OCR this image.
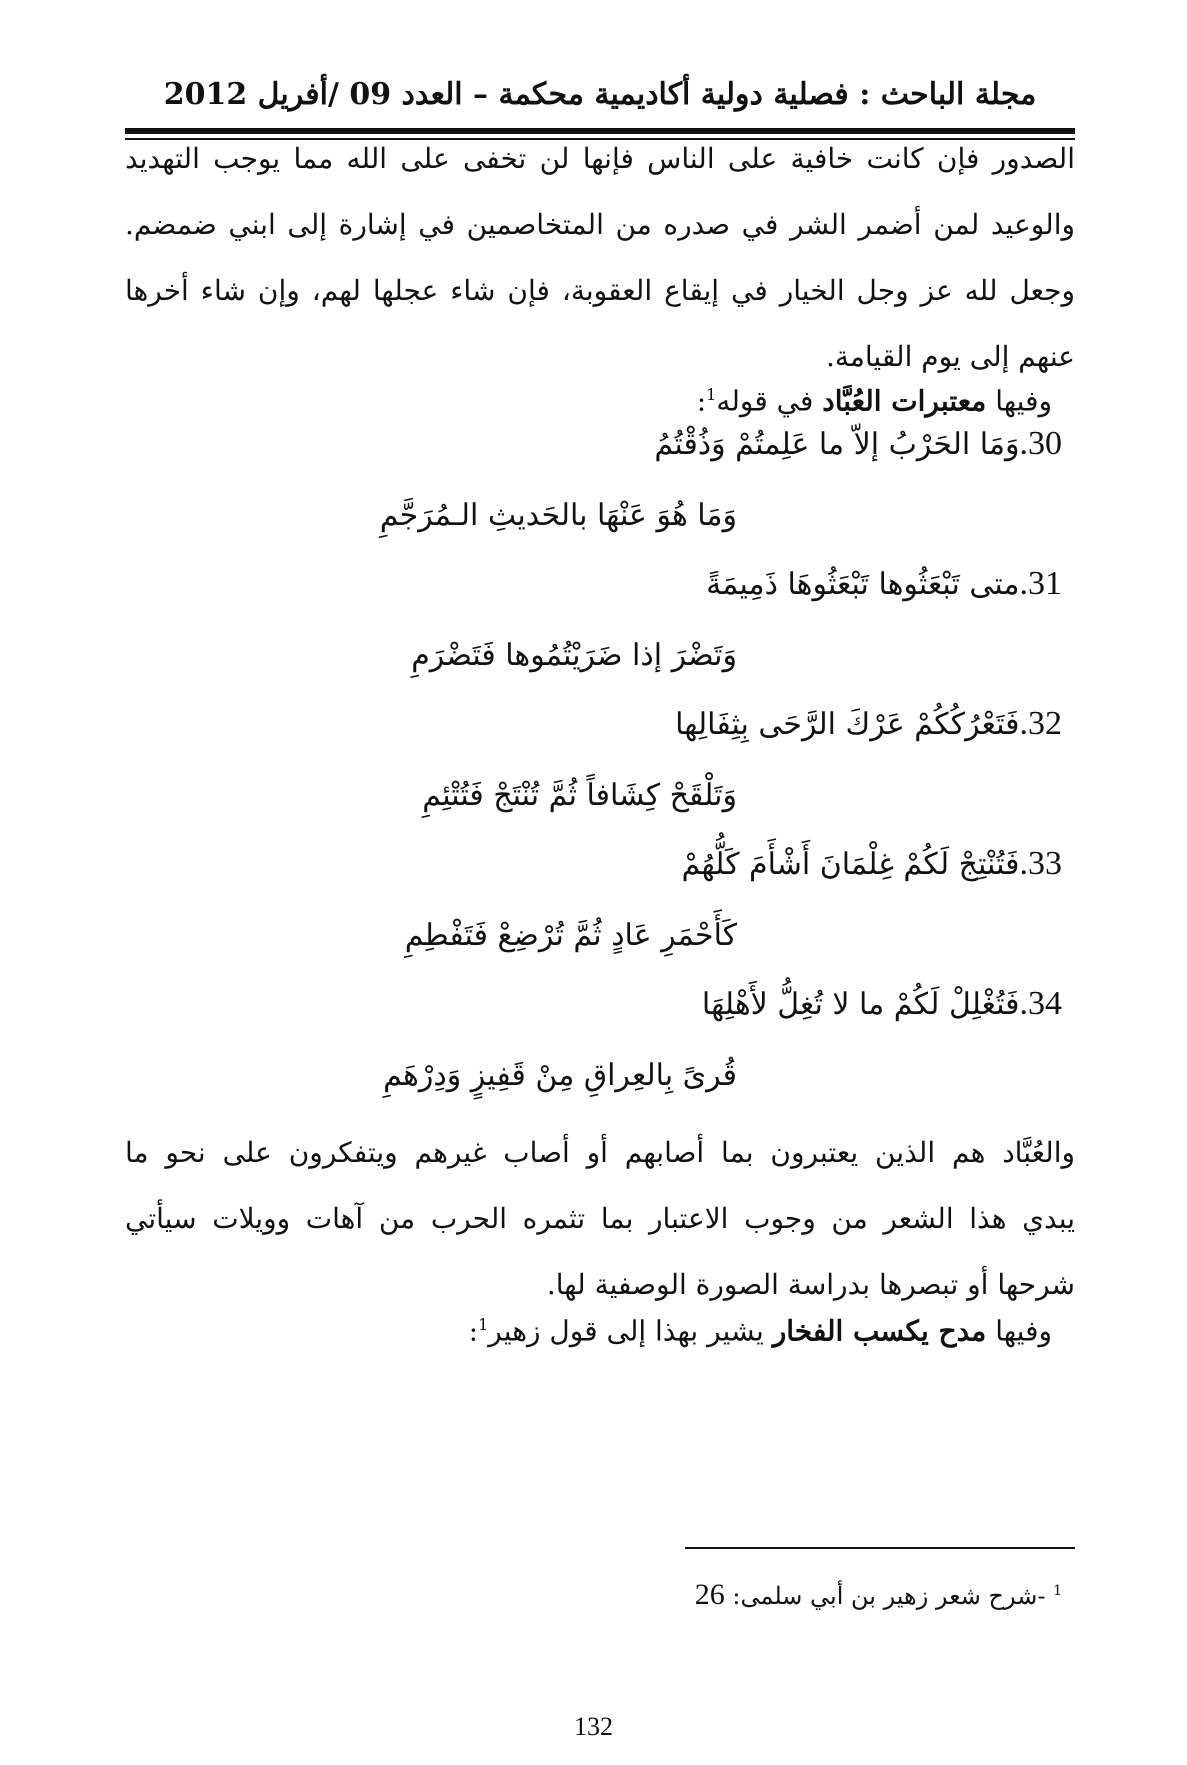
مجلة الباحث : فصلية دولية أكاديمية محكمة – العدد 09 /أفريل 2012
الصدور فإن كانت خافية على الناس فإنها لن تخفى على الله مما يوجب التهديد
والوعيد لمن أضمر الشر في صدره من المتخاصمين في إشارة إلى ابني ضمضم.
وجعل لله عز وجل الخيار في إيقاع العقوبة، فإن شاء عجلها لهم، وإن شاء أخرها
عنهم إلى يوم القيامة.
وفيها معتبرات العُبَّاد في قوله$^1$:
30.وَمَا الحَرْبُ إلاّ ما عَلِمتُمْ وَذُقْتُمُ
وَمَا هُوَ عَنْهَا بالحَديثِ الـمُرَجَّمِ
31.متى تَبْعَثُوها تَبْعَثُوهَا ذَمِيمَةً
وَتَضْرَ إذا ضَرَيْتُمُوها فَتَضْرَمِ
32.فَتَعْرُكُكُمْ عَرْكَ الرَّحَى بِثِفَالِها
وَتَلْقَحْ كِشَافاً ثُمَّ تُنْتَجْ فَتُتْئِمِ
33.فَتُنْتِجْ لَكُمْ غِلْمَانَ أَشْأَمَ كَلُّهُمْ
كَأَحْمَرِ عَادٍ ثُمَّ تُرْضِعْ فَتَفْطِمِ
34.فَتُغْلِلْ لَكُمْ ما لا تُغِلُّ لأَهْلِهَا
قُرىً بِالعِراقِ مِنْ قَفِيزٍ وَدِرْهَمِ
والعُبَّاد هم الذين يعتبرون بما أصابهم أو أصاب غيرهم ويتفكرون على نحو ما
يبدي هذا الشعر من وجوب الاعتبار بما تثمره الحرب من آهات وويلات سيأتي
شرحها أو تبصرها بدراسة الصورة الوصفية لها.
وفيها مدح يكسب الفخار يشير بهذا إلى قول زهير$^1$:
$^1$ -شرح شعر زهير بن أبي سلمى: 26
132
